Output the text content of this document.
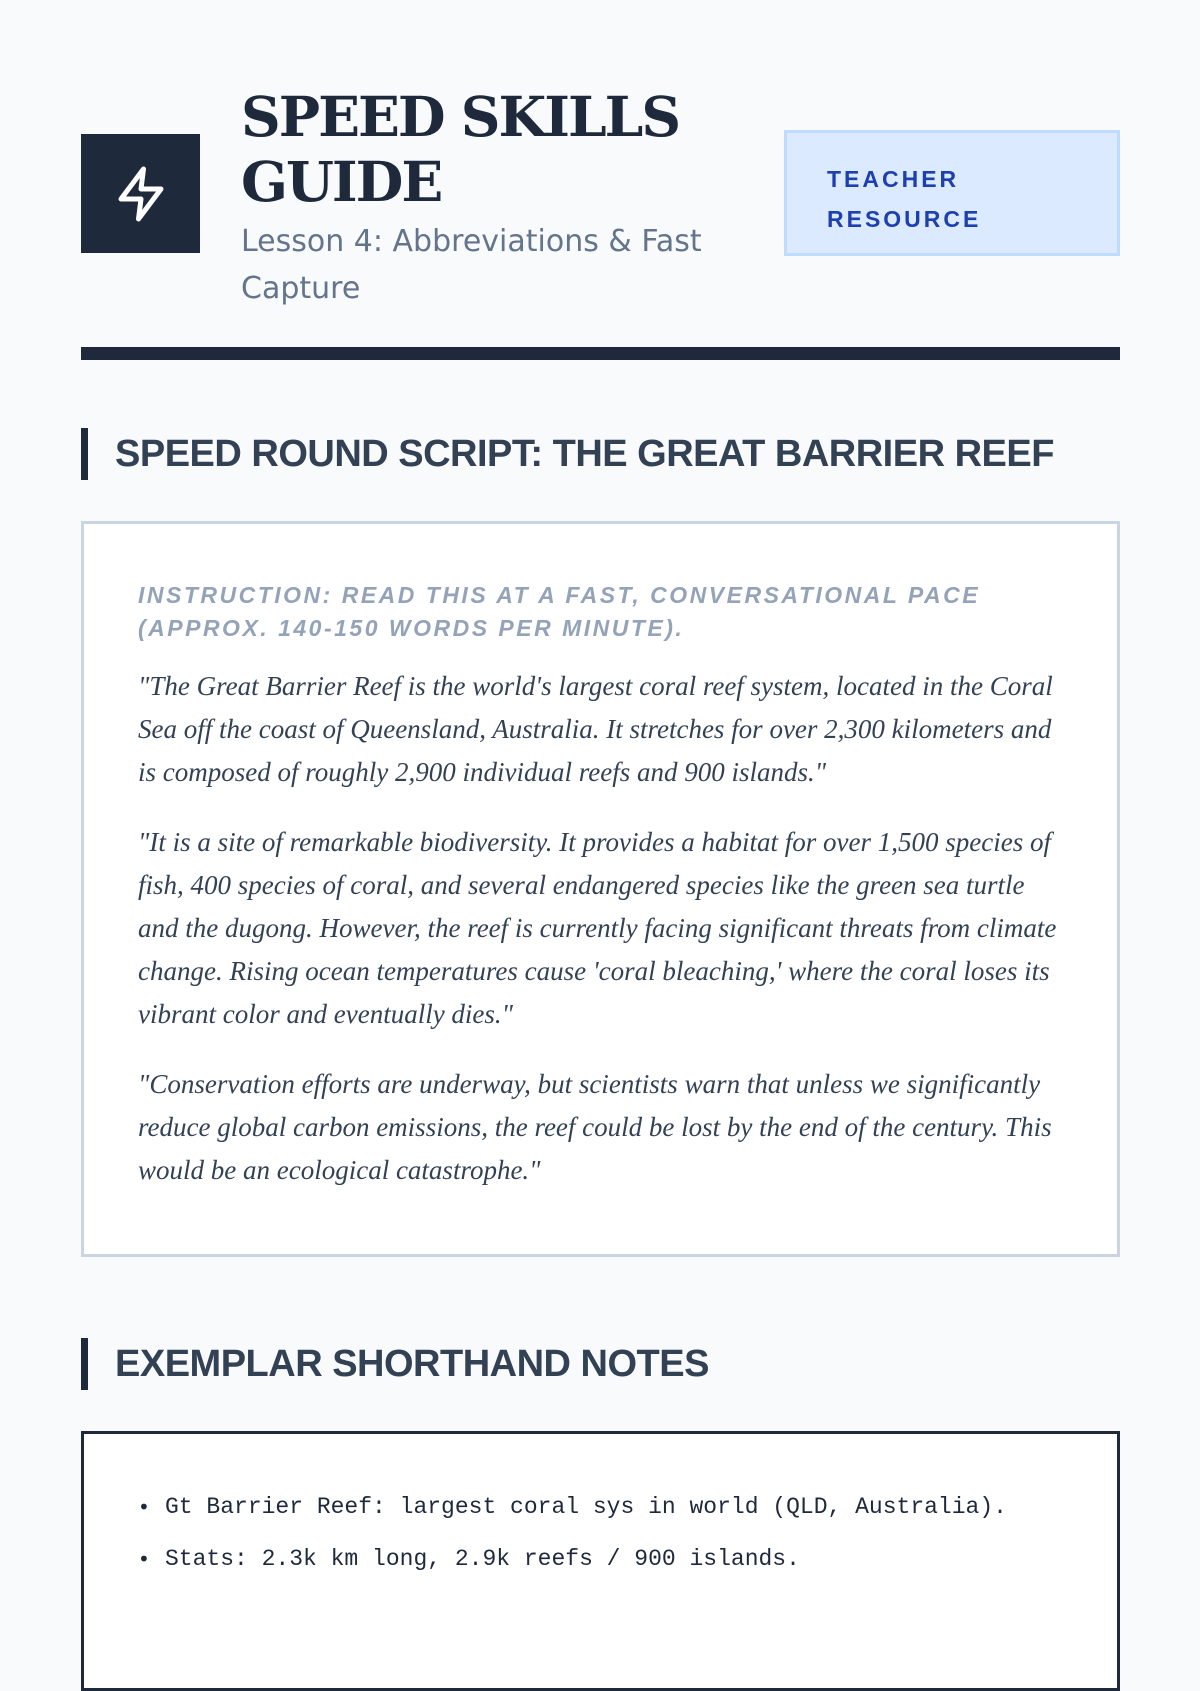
SPEED SKILLS GUIDE
Lesson 4: Abbreviations & Fast Capture
TEACHER RESOURCE
SPEED ROUND SCRIPT: THE GREAT BARRIER REEF

INSTRUCTION: READ THIS AT A FAST, CONVERSATIONAL PACE (APPROX. 140-150 WORDS PER MINUTE).

"The Great Barrier Reef is the world's largest coral reef system, located in the Coral Sea off the coast of Queensland, Australia. It stretches for over 2,300 kilometers and is composed of roughly 2,900 individual reefs and 900 islands."

"It is a site of remarkable biodiversity. It provides a habitat for over 1,500 species of fish, 400 species of coral, and several endangered species like the green sea turtle and the dugong. However, the reef is currently facing significant threats from climate change. Rising ocean temperatures cause 'coral bleaching,' where the coral loses its vibrant color and eventually dies."

"Conservation efforts are underway, but scientists warn that unless we significantly reduce global carbon emissions, the reef could be lost by the end of the century. This would be an ecological catastrophe."

EXEMPLAR SHORTHAND NOTES
• Gt Barrier Reef: largest coral sys in world (QLD, Australia).
• Stats: 2.3k km long, 2.9k reefs / 900 islands.
